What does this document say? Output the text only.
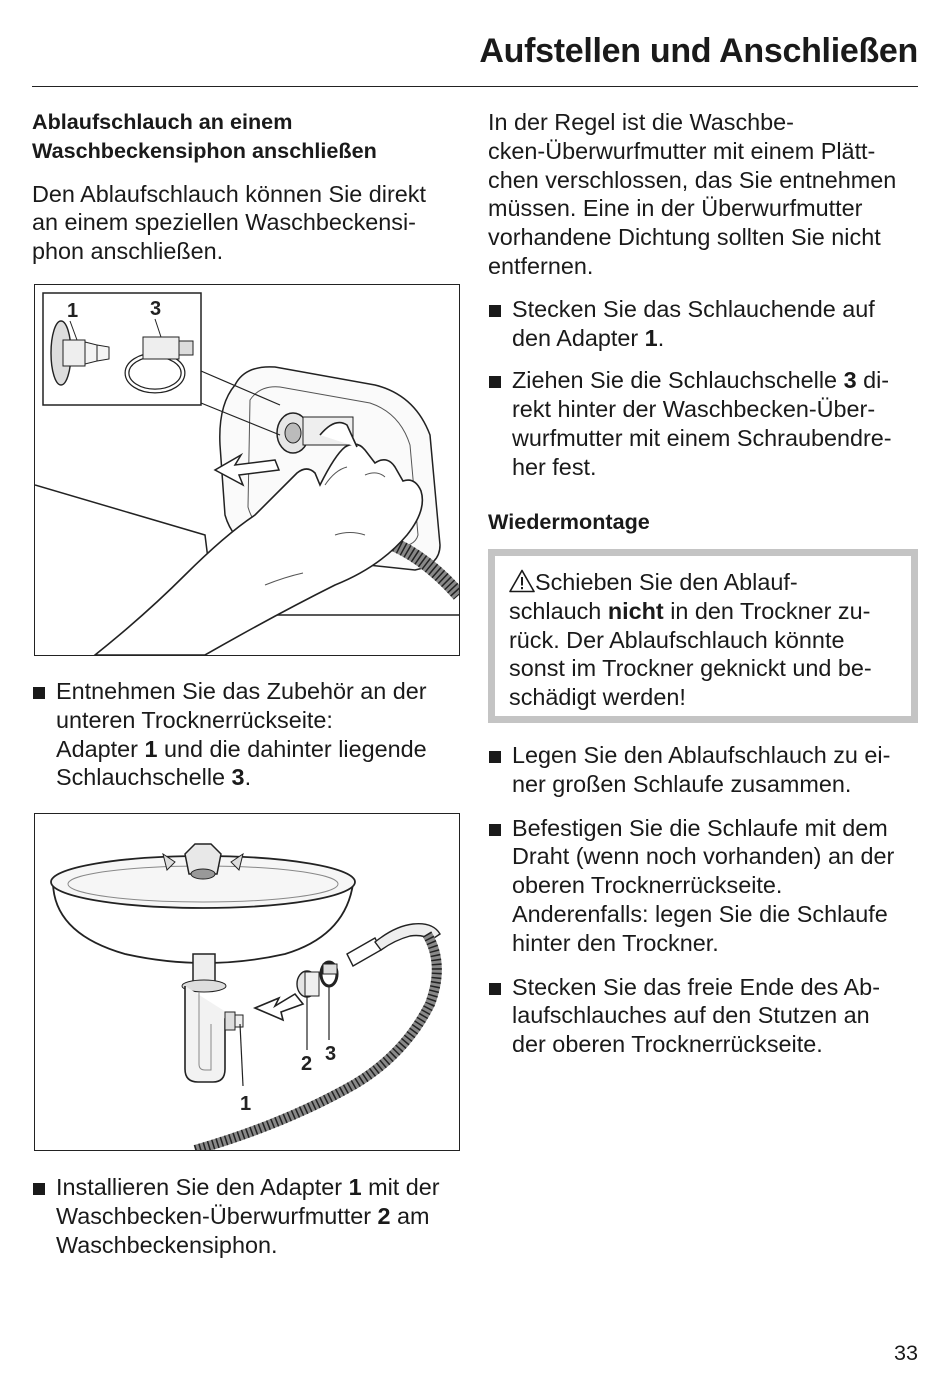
Aufstellen und Anschließen

Ablaufschlauch an einem
Waschbeckensiphon anschließen

Den Ablaufschlauch können Sie direkt
an einem speziellen Waschbeckensi-
phon anschließen.

1	3
Entnehmen Sie das Zubehör an der
unteren Trocknerrückseite:
Adapter 1 und die dahinter liegende
Schlauchschelle 3.
1
2 3
Installieren Sie den Adapter 1 mit der
Waschbecken-Überwurfmutter 2 am
Waschbeckensiphon.

In der Regel ist die Waschbe-
cken-Überwurfmutter mit einem Plätt-
chen verschlossen, das Sie entnehmen
müssen. Eine in der Überwurfmutter
vorhandene Dichtung sollten Sie nicht
entfernen.

Stecken Sie das Schlauchende auf
den Adapter 1.
Ziehen Sie die Schlauchschelle 3 di-
rekt hinter der Waschbecken-Über-
wurfmutter mit einem Schraubendre-
her fest.

Wiedermontage

Schieben Sie den Ablauf-
schlauch nicht in den Trockner zu-
rück. Der Ablaufschlauch könnte
sonst im Trockner geknickt und be-
schädigt werden!

Legen Sie den Ablaufschlauch zu ei-
ner großen Schlaufe zusammen.
Befestigen Sie die Schlaufe mit dem
Draht (wenn noch vorhanden) an der
oberen Trocknerrückseite.
Anderenfalls: legen Sie die Schlaufe
hinter den Trockner.
Stecken Sie das freie Ende des Ab-
laufschlauches auf den Stutzen an
der oberen Trocknerrückseite.

33
